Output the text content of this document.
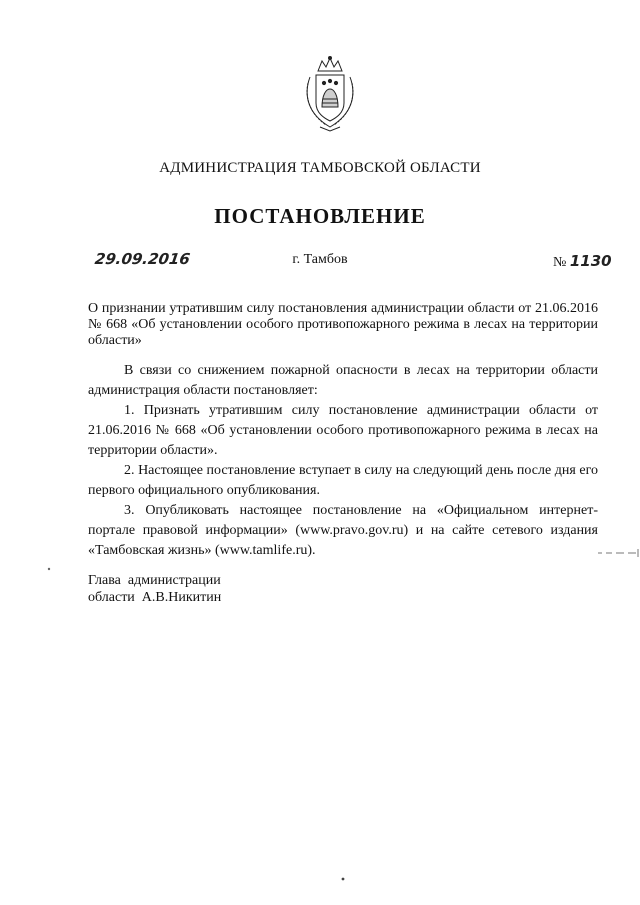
АДМИНИСТРАЦИЯ ТАМБОВСКОЙ ОБЛАСТИ
ПОСТАНОВЛЕНИЕ
29.09.2016	г. Тамбов	№ 1130
О признании утратившим силу постановления администрации области от 21.06.2016 № 668 «Об установлении особого противопожарного режима в лесах на территории области»

В связи со снижением пожарной опасности в лесах на территории области администрация области постановляет:

1. Признать утратившим силу постановление администрации области от 21.06.2016 № 668 «Об установлении особого противопожарного режима в лесах на территории области».

2. Настоящее постановление вступает в силу на следующий день после дня его первого официального опубликования.

3. Опубликовать настоящее постановление на «Официальном интернет-портале правовой информации» (www.pravo.gov.ru) и на сайте сетевого издания «Тамбовская жизнь» (www.tamlife.ru).

Глава  администрации
области  А.В.Никитин
